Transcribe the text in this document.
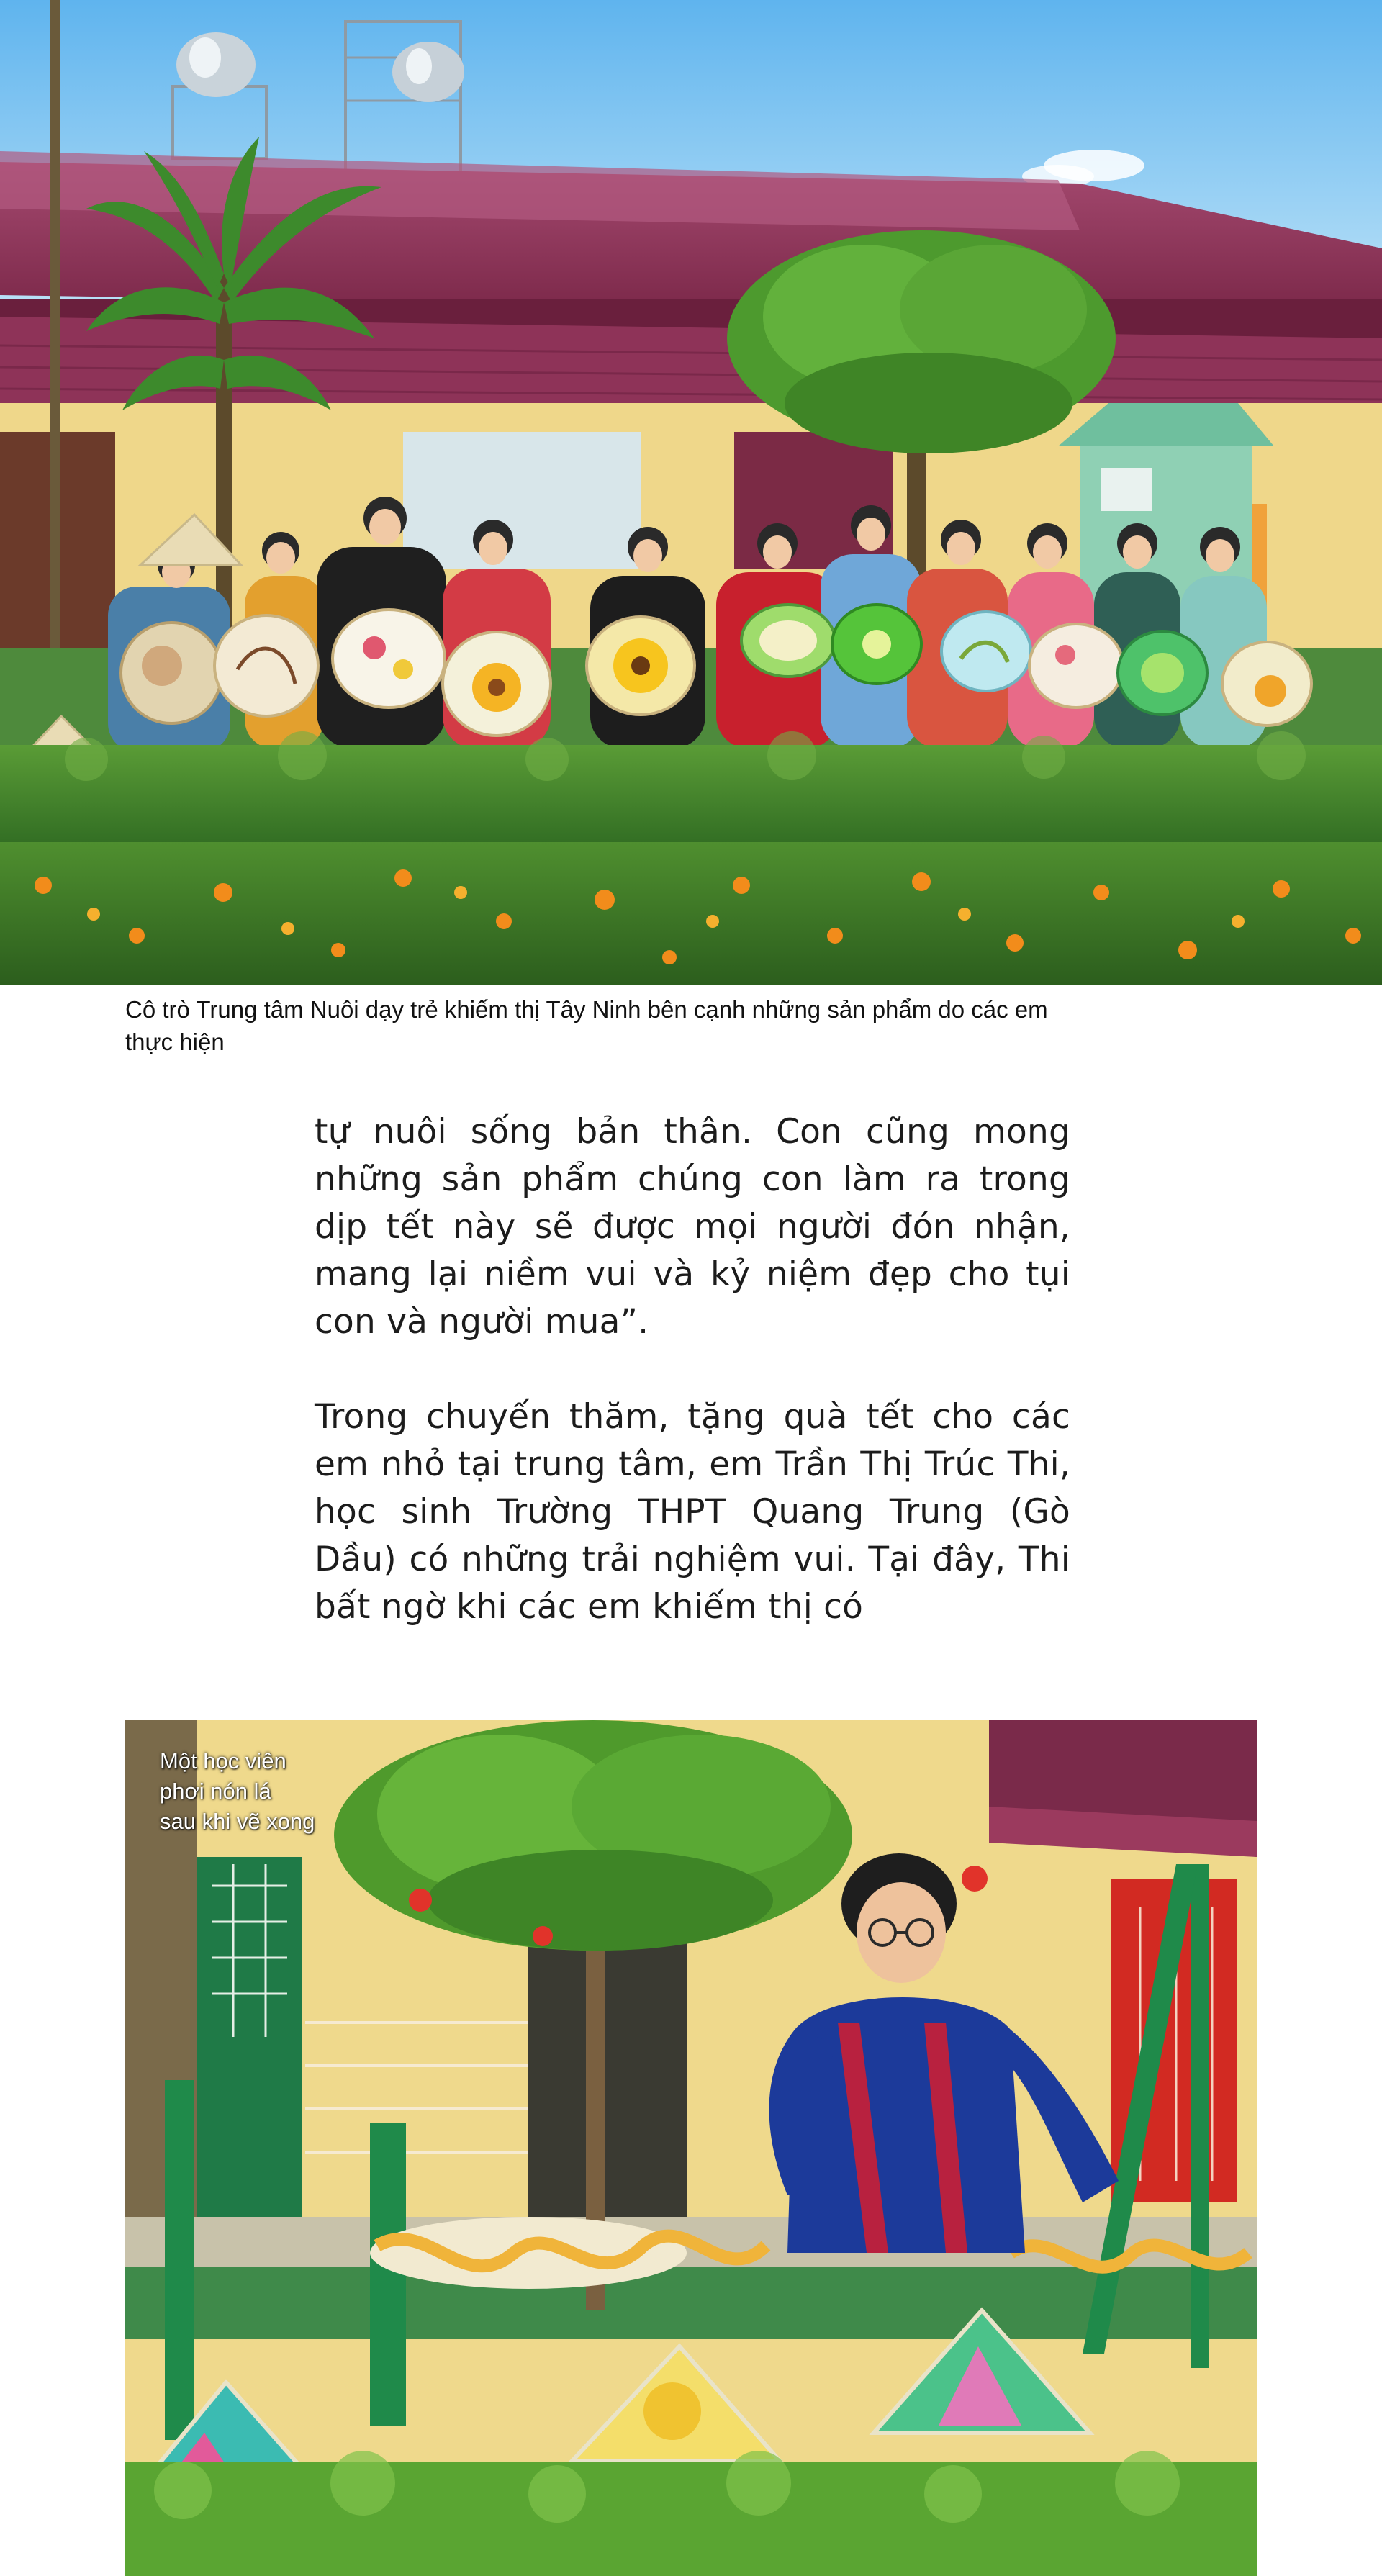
Cô trò Trung tâm Nuôi dạy trẻ khiếm thị Tây Ninh bên cạnh những sản phẩm do các em thực hiện

tự nuôi sống bản thân. Con cũng mong những sản phẩm chúng con làm ra trong dịp tết này sẽ được mọi người đón nhận, mang lại niềm vui và kỷ niệm đẹp cho tụi con và người mua”.

Trong chuyến thăm, tặng quà tết cho các em nhỏ tại trung tâm, em Trần Thị Trúc Thi, học sinh Trường THPT Quang Trung (Gò Dầu) có những trải nghiệm vui. Tại đây, Thi bất ngờ khi các em khiếm thị có

Một học viên
phơi nón lá
sau khi vẽ xong
